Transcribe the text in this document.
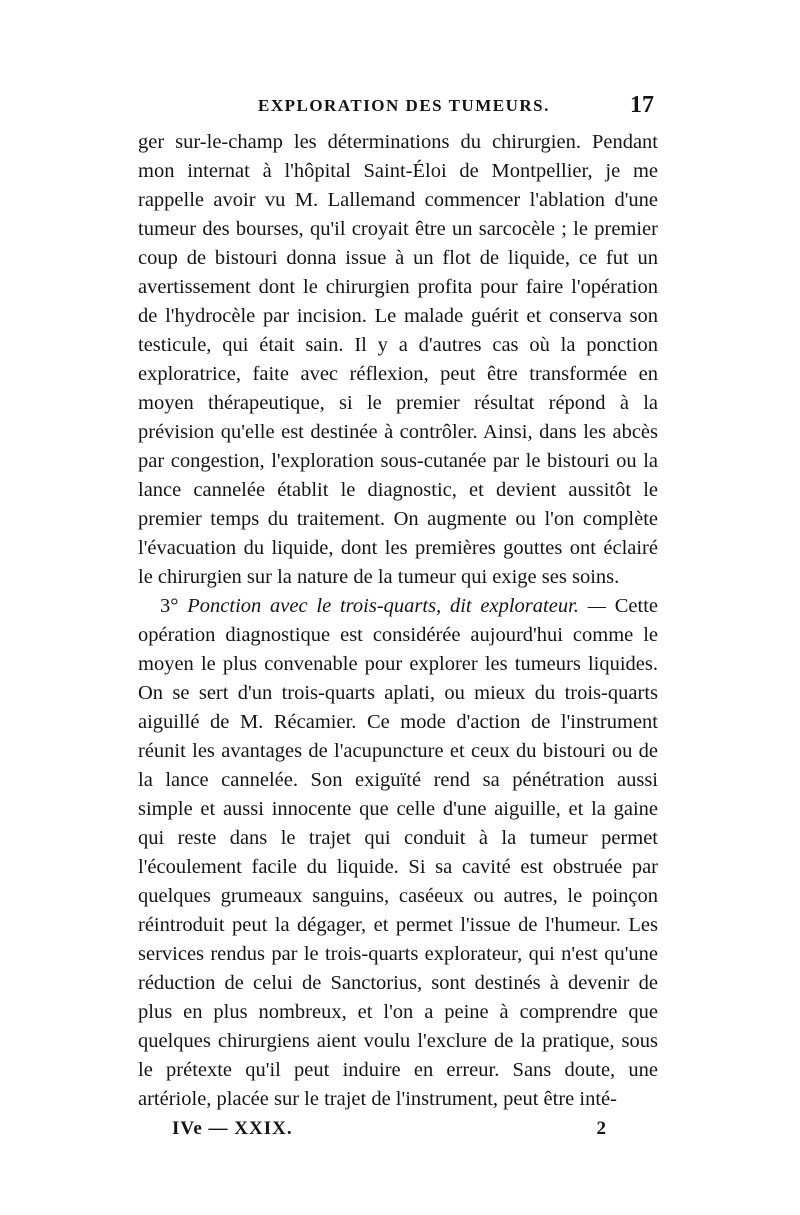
EXPLORATION DES TUMEURS.	17

ger sur-le-champ les déterminations du chirurgien. Pendant mon internat à l'hôpital Saint-Éloi de Montpellier, je me rappelle avoir vu M. Lallemand commencer l'ablation d'une tumeur des bourses, qu'il croyait être un sarcocèle ; le premier coup de bistouri donna issue à un flot de liquide, ce fut un avertissement dont le chirurgien profita pour faire l'opération de l'hydrocèle par incision. Le malade guérit et conserva son testicule, qui était sain. Il y a d'autres cas où la ponction exploratrice, faite avec réflexion, peut être transformée en moyen thérapeutique, si le premier résultat répond à la prévision qu'elle est destinée à contrôler. Ainsi, dans les abcès par congestion, l'exploration sous-cutanée par le bistouri ou la lance cannelée établit le diagnostic, et devient aussitôt le premier temps du traitement. On augmente ou l'on complète l'évacuation du liquide, dont les premières gouttes ont éclairé le chirurgien sur la nature de la tumeur qui exige ses soins.

3° Ponction avec le trois-quarts, dit explorateur. — Cette opération diagnostique est considérée aujourd'hui comme le moyen le plus convenable pour explorer les tumeurs liquides. On se sert d'un trois-quarts aplati, ou mieux du trois-quarts aiguillé de M. Récamier. Ce mode d'action de l'instrument réunit les avantages de l'acupuncture et ceux du bistouri ou de la lance cannelée. Son exiguïté rend sa pénétration aussi simple et aussi innocente que celle d'une aiguille, et la gaine qui reste dans le trajet qui conduit à la tumeur permet l'écoulement facile du liquide. Si sa cavité est obstruée par quelques grumeaux sanguins, caséeux ou autres, le poinçon réintroduit peut la dégager, et permet l'issue de l'humeur. Les services rendus par le trois-quarts explorateur, qui n'est qu'une réduction de celui de Sanctorius, sont destinés à devenir de plus en plus nombreux, et l'on a peine à comprendre que quelques chirurgiens aient voulu l'exclure de la pratique, sous le prétexte qu'il peut induire en erreur. Sans doute, une artériole, placée sur le trajet de l'instrument, peut être inté-

IVe — XXIX.	2
